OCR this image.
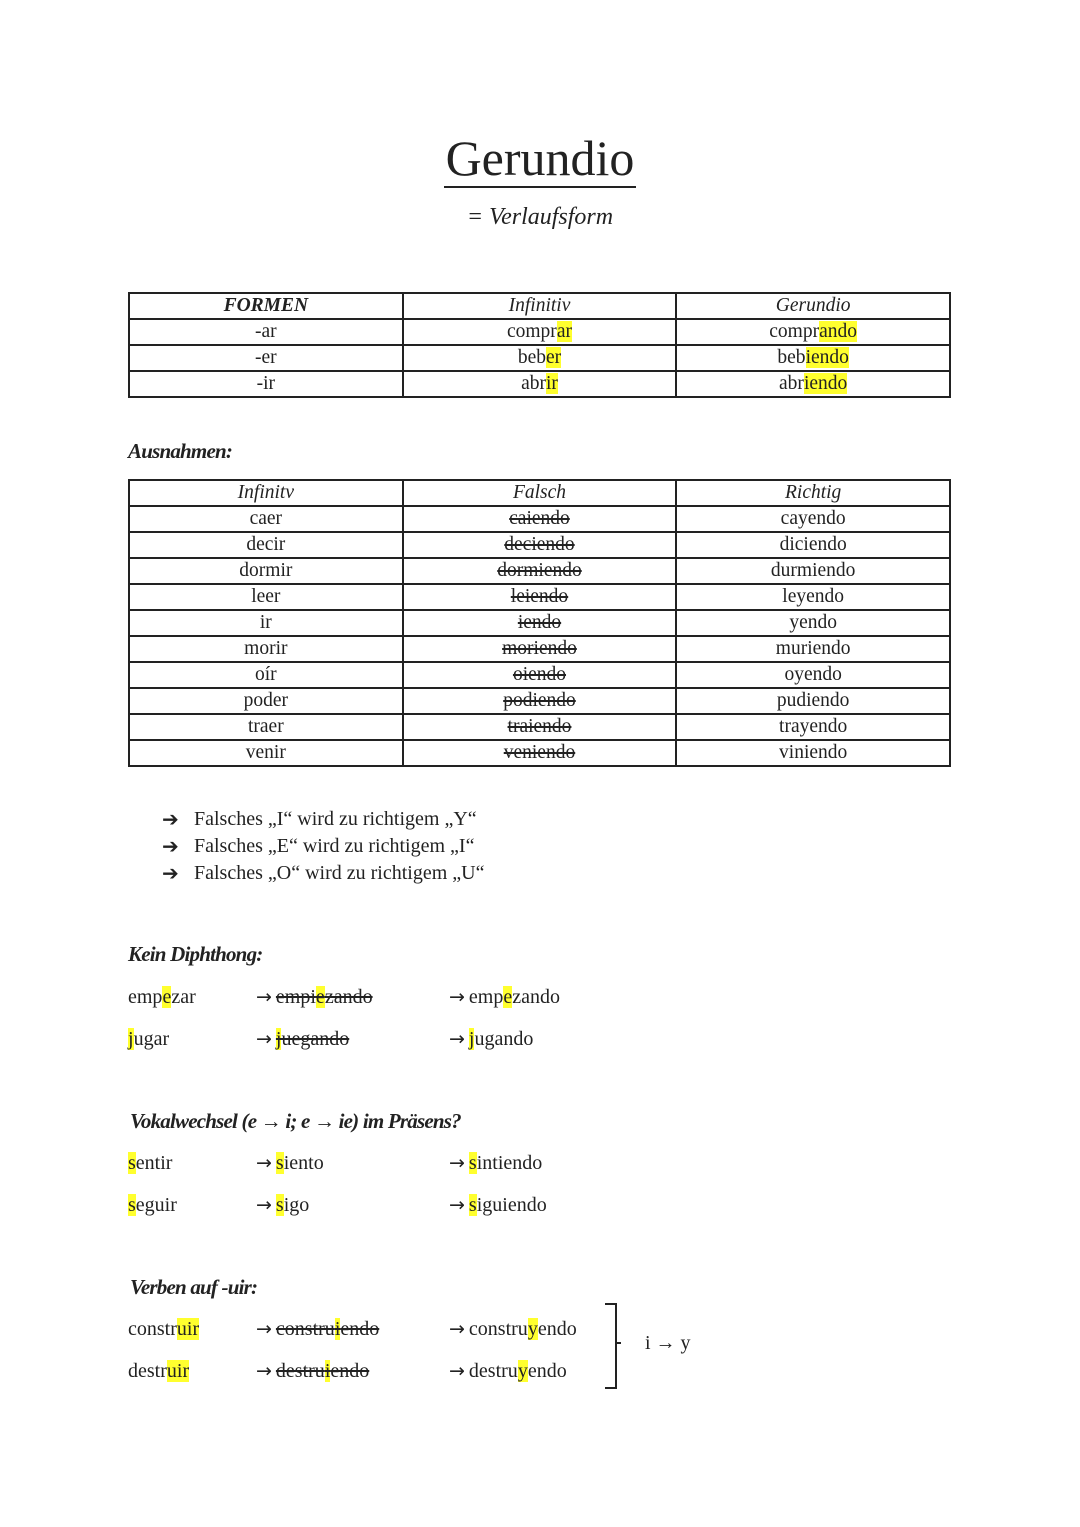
Gerundio
= Verlaufsform
FORMEN	Infinitiv	Gerundio
-ar	comprar	comprando
-er	beber	bebiendo
-ir	abrir	abriendo
Ausnahmen:
Infinitv	Falsch	Richtig
caer	caiendo	cayendo
decir	deciendo	diciendo
dormir	dormiendo	durmiendo
leer	leiendo	leyendo
ir	iendo	yendo
morir	moriendo	muriendo
oír	oiendo	oyendo
poder	podiendo	pudiendo
traer	traiendo	trayendo
venir	veniendo	viniendo
➔ Falsches „I“ wird zu richtigem „Y“
➔ Falsches „E“ wird zu richtigem „I“
➔ Falsches „O“ wird zu richtigem „U“
Kein Diphthong:
empezar	→ empiezando	→ empezando
jugar	→ juegando	→ jugando
Vokalwechsel (e → i; e → ie) im Präsens?
sentir	→ siento	→ sintiendo
seguir	→ sigo	→ siguiendo
Verben auf -uir:
construir	→ construiendo	→ construyendo
destruir	→ destruiendo	→ destruyendo
i → y
